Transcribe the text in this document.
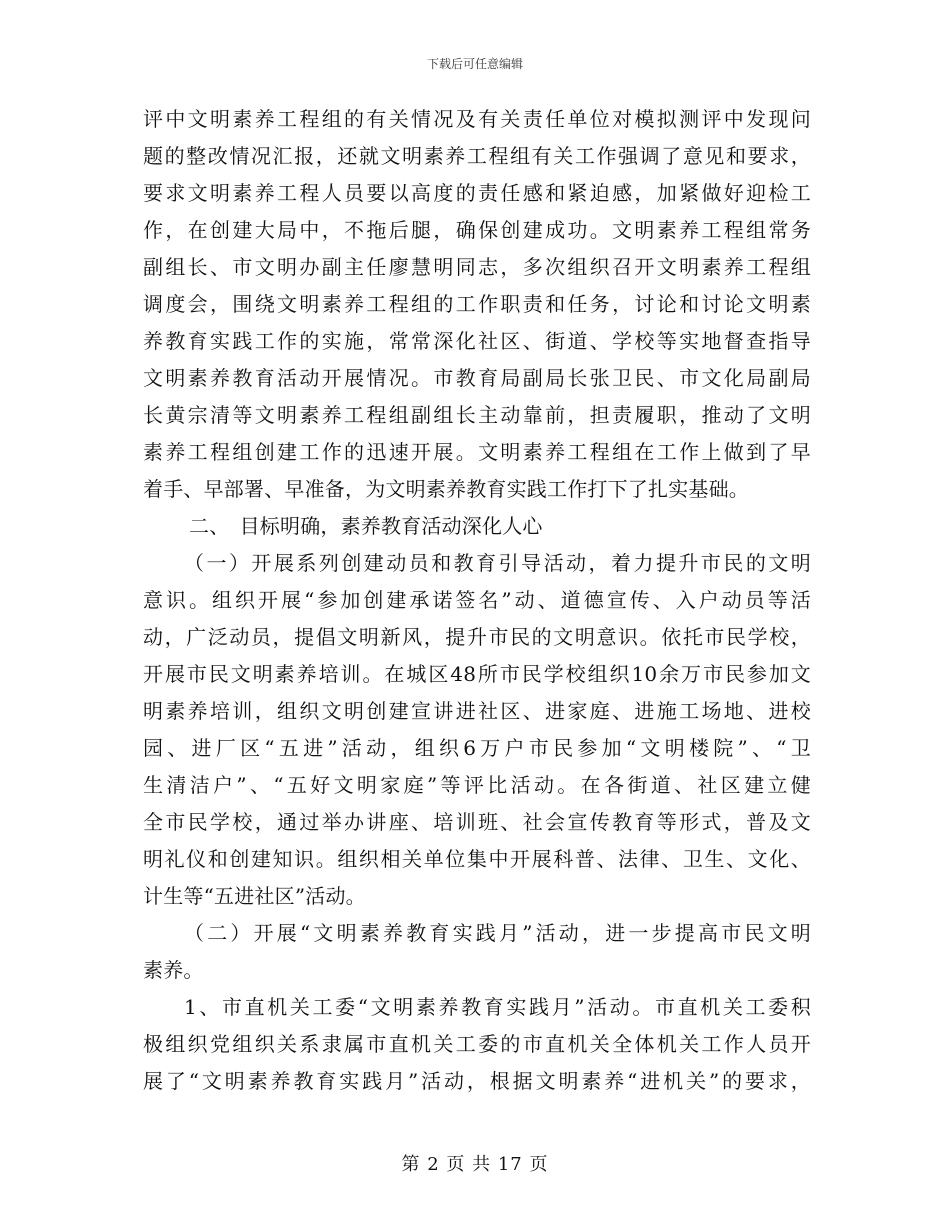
下载后可任意编辑
评中文明素养工程组的有关情况及有关责任单位对模拟测评中发现问
题的整改情况汇报，还就文明素养工程组有关工作强调了意见和要求，
要求文明素养工程人员要以高度的责任感和紧迫感，加紧做好迎检工
作，在创建大局中，不拖后腿，确保创建成功。文明素养工程组常务
副组长、市文明办副主任廖慧明同志，多次组织召开文明素养工程组
调度会，围绕文明素养工程组的工作职责和任务，讨论和讨论文明素
养教育实践工作的实施，常常深化社区、街道、学校等实地督查指导
文明素养教育活动开展情况。市教育局副局长张卫民、市文化局副局
长黄宗清等文明素养工程组副组长主动靠前，担责履职，推动了文明
素养工程组创建工作的迅速开展。文明素养工程组在工作上做到了早
着手、早部署、早准备，为文明素养教育实践工作打下了扎实基础。
二、　目标明确，素养教育活动深化人心
（一）开展系列创建动员和教育引导活动，着力提升市民的文明
意识。组织开展“参加创建承诺签名”动、道德宣传、入户动员等活
动，广泛动员，提倡文明新风，提升市民的文明意识。依托市民学校，
开展市民文明素养培训。在城区48所市民学校组织10余万市民参加文
明素养培训，组织文明创建宣讲进社区、进家庭、进施工场地、进校
园、进厂区“五进”活动，组织6万户市民参加“文明楼院”、“卫
生清洁户”、“五好文明家庭”等评比活动。在各街道、社区建立健
全市民学校，通过举办讲座、培训班、社会宣传教育等形式，普及文
明礼仪和创建知识。组织相关单位集中开展科普、法律、卫生、文化、
计生等“五进社区”活动。
（二）开展“文明素养教育实践月”活动，进一步提高市民文明
素养。
1、市直机关工委“文明素养教育实践月”活动。市直机关工委积
极组织党组织关系隶属市直机关工委的市直机关全体机关工作人员开
展了“文明素养教育实践月”活动，根据文明素养“进机关”的要求，
第 2 页 共 17 页
